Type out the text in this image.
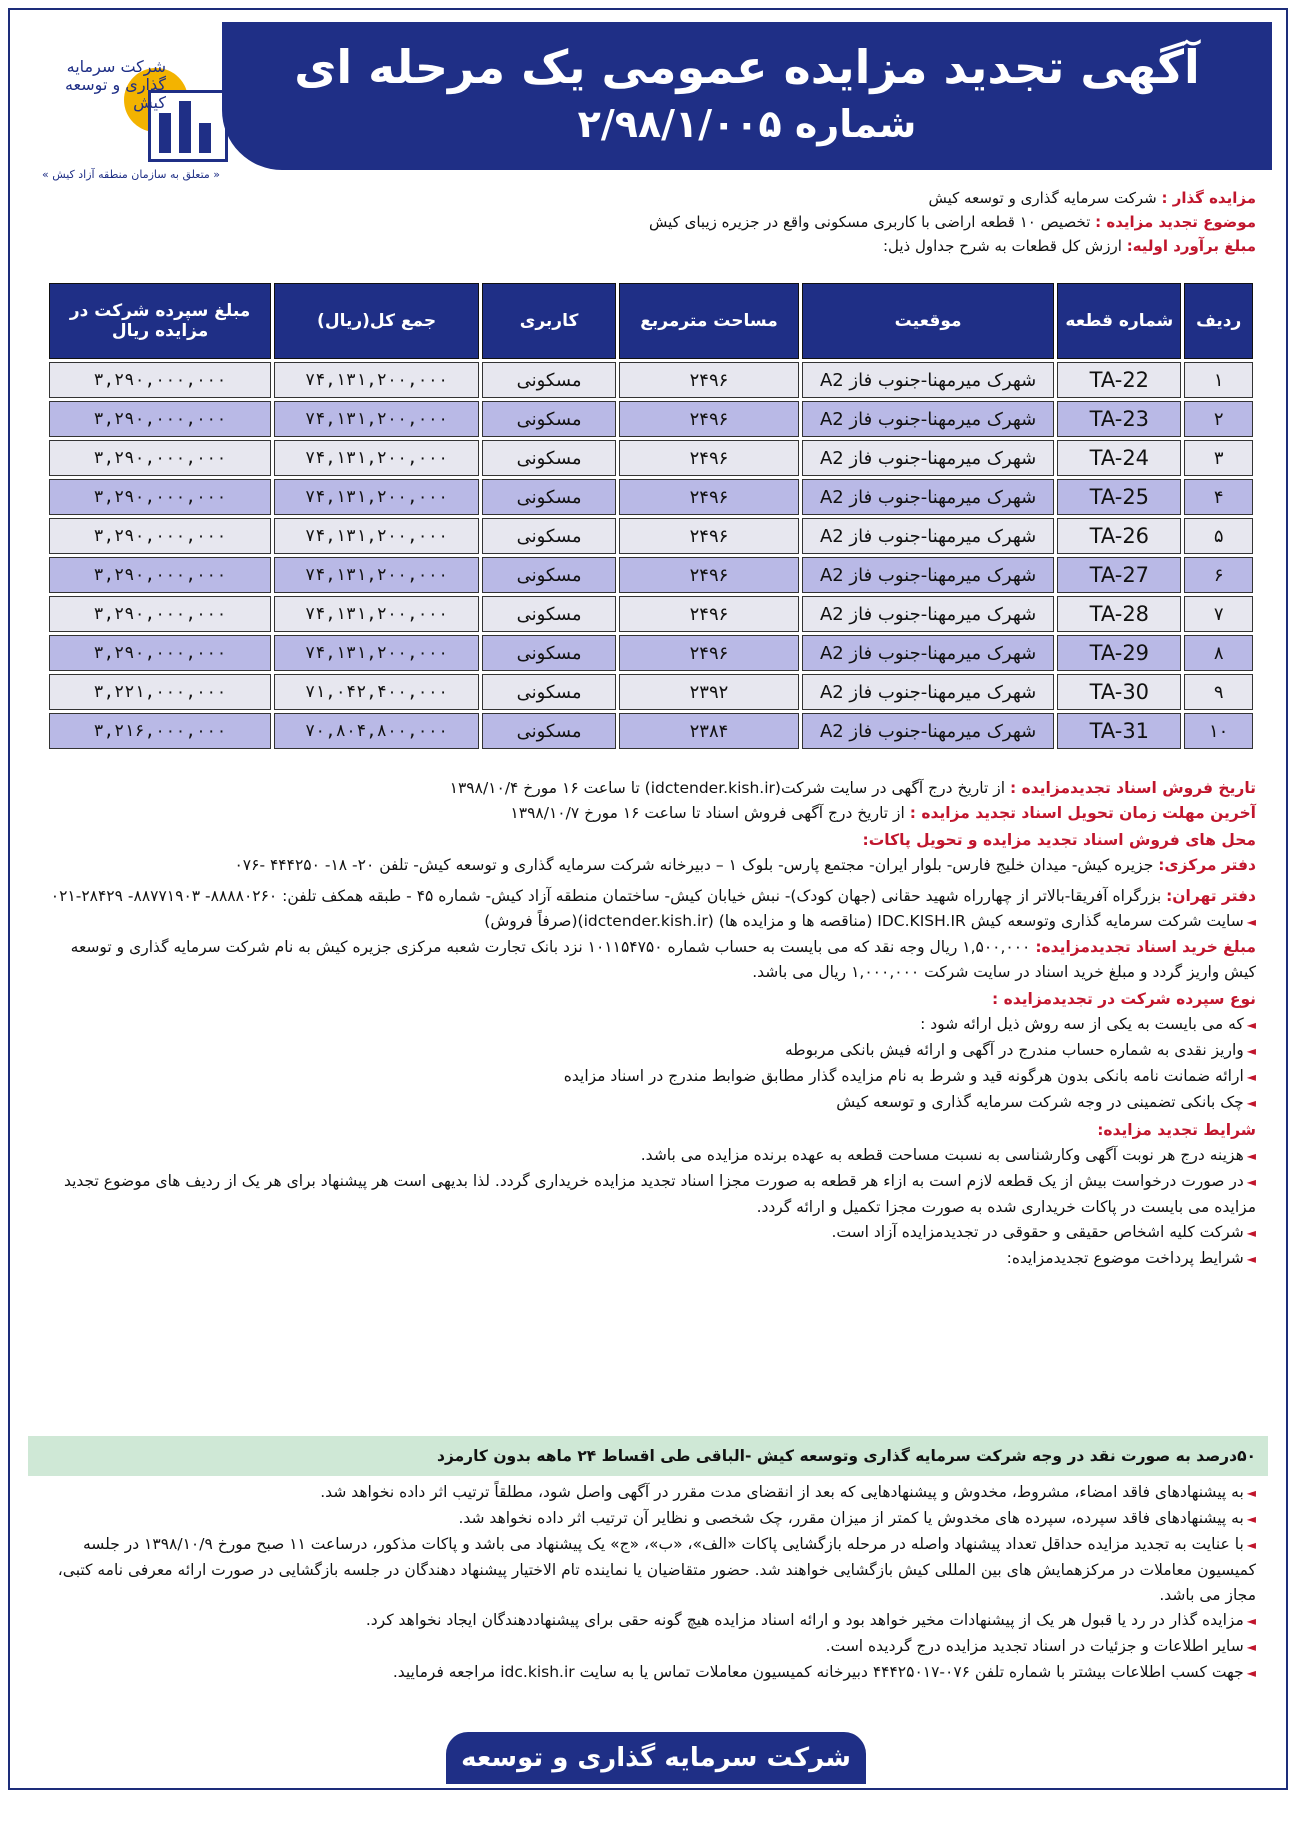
شرکت سرمایه گذاری و توسعه کیش
« متعلق به سازمان منطقه آزاد کیش »
آگهی تجدید مزایده عمومی یک مرحله ای
شماره ۲/۹۸/۱/۰۰۵
مزایده گذار : شرکت سرمایه گذاری و توسعه کیش
موضوع تجدید مزایده : تخصیص ۱۰ قطعه اراضی با کاربری مسکونی واقع در جزیره زیبای کیش
مبلغ برآورد اولیه: ارزش کل قطعات به شرح جداول ذیل:
ردیف	شماره قطعه	موقعیت	مساحت مترمربع	کاربری	جمع کل(ریال)	مبلغ سپرده شرکت در مزایده ریال
۱	TA-22	شهرک میرمهنا-جنوب فاز A2	۲۴۹۶	مسکونی	۷۴,۱۳۱,۲۰۰,۰۰۰	۳,۲۹۰,۰۰۰,۰۰۰
۲	TA-23	شهرک میرمهنا-جنوب فاز A2	۲۴۹۶	مسکونی	۷۴,۱۳۱,۲۰۰,۰۰۰	۳,۲۹۰,۰۰۰,۰۰۰
۳	TA-24	شهرک میرمهنا-جنوب فاز A2	۲۴۹۶	مسکونی	۷۴,۱۳۱,۲۰۰,۰۰۰	۳,۲۹۰,۰۰۰,۰۰۰
۴	TA-25	شهرک میرمهنا-جنوب فاز A2	۲۴۹۶	مسکونی	۷۴,۱۳۱,۲۰۰,۰۰۰	۳,۲۹۰,۰۰۰,۰۰۰
۵	TA-26	شهرک میرمهنا-جنوب فاز A2	۲۴۹۶	مسکونی	۷۴,۱۳۱,۲۰۰,۰۰۰	۳,۲۹۰,۰۰۰,۰۰۰
۶	TA-27	شهرک میرمهنا-جنوب فاز A2	۲۴۹۶	مسکونی	۷۴,۱۳۱,۲۰۰,۰۰۰	۳,۲۹۰,۰۰۰,۰۰۰
۷	TA-28	شهرک میرمهنا-جنوب فاز A2	۲۴۹۶	مسکونی	۷۴,۱۳۱,۲۰۰,۰۰۰	۳,۲۹۰,۰۰۰,۰۰۰
۸	TA-29	شهرک میرمهنا-جنوب فاز A2	۲۴۹۶	مسکونی	۷۴,۱۳۱,۲۰۰,۰۰۰	۳,۲۹۰,۰۰۰,۰۰۰
۹	TA-30	شهرک میرمهنا-جنوب فاز A2	۲۳۹۲	مسکونی	۷۱,۰۴۲,۴۰۰,۰۰۰	۳,۲۲۱,۰۰۰,۰۰۰
۱۰	TA-31	شهرک میرمهنا-جنوب فاز A2	۲۳۸۴	مسکونی	۷۰,۸۰۴,۸۰۰,۰۰۰	۳,۲۱۶,۰۰۰,۰۰۰

تاریخ فروش اسناد تجدیدمزایده : از تاریخ درج آگهی در سایت شرکت(idctender.kish.ir) تا ساعت ۱۶ مورخ ۱۳۹۸/۱۰/۴

آخرین مهلت زمان تحویل اسناد تجدید مزایده : از تاریخ درج آگهی فروش اسناد تا ساعت ۱۶ مورخ ۱۳۹۸/۱۰/۷

محل های فروش اسناد تجدید مزایده و تحویل پاکات:

دفتر مرکزی: جزیره کیش- میدان خلیج فارس- بلوار ایران- مجتمع پارس- بلوک ۱ – دبیرخانه شرکت سرمایه گذاری و توسعه کیش- تلفن ۲۰- ۱۸- ۴۴۴۲۵۰ -۰۷۶

دفتر تهران: بزرگراه آفریقا-بالاتر از چهارراه شهید حقانی (جهان کودک)- نبش خیابان کیش- ساختمان منطقه آزاد کیش- شماره ۴۵ - طبقه همکف تلفن: ۸۸۸۸۰۲۶۰- ۸۸۷۷۱۹۰۳- ۲۸۴۲۹-۰۲۱

◄ سایت شرکت سرمایه گذاری وتوسعه کیش IDC.KISH.IR (مناقصه ها و مزایده ها) (idctender.kish.ir)(صرفاً فروش)

مبلغ خرید اسناد تجدیدمزایده: ۱,۵۰۰,۰۰۰ ریال وجه نقد که می بایست به حساب شماره ۱۰۱۱۵۴۷۵۰ نزد بانک تجارت شعبه مرکزی جزیره کیش به نام شرکت سرمایه گذاری و توسعه کیش واریز گردد و مبلغ خرید اسناد در سایت شرکت ۱,۰۰۰,۰۰۰ ریال می باشد.

نوع سپرده شرکت در تجدیدمزایده :

◄ که می بایست به یکی از سه روش ذیل ارائه شود :

◄ واریز نقدی به شماره حساب مندرج در آگهی و ارائه فیش بانکی مربوطه

◄ ارائه ضمانت نامه بانکی بدون هرگونه قید و شرط به نام مزایده گذار مطابق ضوابط مندرج در اسناد مزایده

◄ چک بانکی تضمینی در وجه شرکت سرمایه گذاری و توسعه کیش

شرایط تجدید مزایده:

◄ هزینه درج هر نوبت آگهی وکارشناسی به نسبت مساحت قطعه به عهده برنده مزایده می باشد.

◄ در صورت درخواست بیش از یک قطعه لازم است به ازاء هر قطعه به صورت مجزا اسناد تجدید مزایده خریداری گردد. لذا بدیهی است هر پیشنهاد برای هر یک از ردیف های موضوع تجدید مزایده می بایست در پاکات خریداری شده به صورت مجزا تکمیل و ارائه گردد.

◄ شرکت کلیه اشخاص حقیقی و حقوقی در تجدیدمزایده آزاد است.

◄ شرایط پرداخت موضوع تجدیدمزایده:

۵۰درصد به صورت نقد در وجه شرکت سرمایه گذاری وتوسعه کیش -الباقی طی اقساط ۲۴ ماهه بدون کارمزد

◄ به پیشنهادهای فاقد امضاء، مشروط، مخدوش و پیشنهادهایی که بعد از انقضای مدت مقرر در آگهی واصل شود، مطلقاً ترتیب اثر داده نخواهد شد.

◄ به پیشنهادهای فاقد سپرده، سپرده های مخدوش یا کمتر از میزان مقرر، چک شخصی و نظایر آن ترتیب اثر داده نخواهد شد.

◄ با عنایت به تجدید مزایده حداقل تعداد پیشنهاد واصله در مرحله بازگشایی پاکات «الف»، «ب»، «ج» یک پیشنهاد می باشد و پاکات مذکور، درساعت ۱۱ صبح مورخ ۱۳۹۸/۱۰/۹ در جلسه کمیسیون معاملات در مرکزهمایش های بین المللی کیش بازگشایی خواهند شد. حضور متقاضیان یا نماینده تام الاختیار پیشنهاد دهندگان در جلسه بازگشایی در صورت ارائه معرفی نامه کتبی، مجاز می باشد.

◄ مزایده گذار در رد یا قبول هر یک از پیشنهادات مخیر خواهد بود و ارائه اسناد مزایده هیچ گونه حقی برای پیشنهاددهندگان ایجاد نخواهد کرد.

◄ سایر اطلاعات و جزئیات در اسناد تجدید مزایده درج گردیده است.

◄ جهت کسب اطلاعات بیشتر با شماره تلفن ۰۷۶-۴۴۴۲۵۰۱۷ دبیرخانه کمیسیون معاملات تماس یا به سایت idc.kish.ir مراجعه فرمایید.

شرکت سرمایه گذاری و توسعه کیش
